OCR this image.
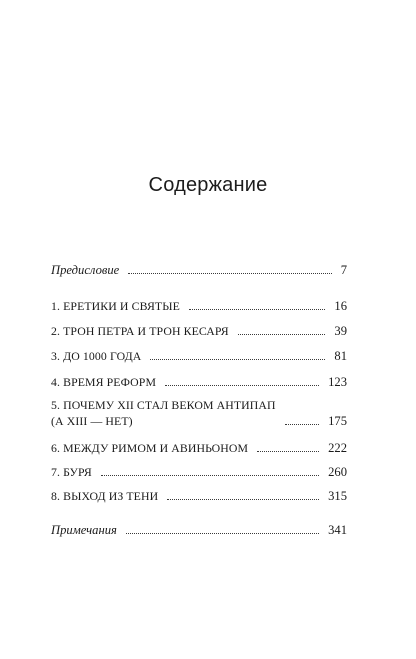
Содержание
Предисловие	7
1. ЕРЕТИКИ И СВЯТЫЕ	16
2. ТРОН ПЕТРА И ТРОН КЕСАРЯ	39
3. ДО 1000 ГОДА	81
4. ВРЕМЯ РЕФОРМ	123
5. ПОЧЕМУ XII СТАЛ ВЕКОМ АНТИПАП
(А XIII — НЕТ)	175
6. МЕЖДУ РИМОМ И АВИНЬОНОМ	222
7. БУРЯ	260
8. ВЫХОД ИЗ ТЕНИ	315
Примечания	341
